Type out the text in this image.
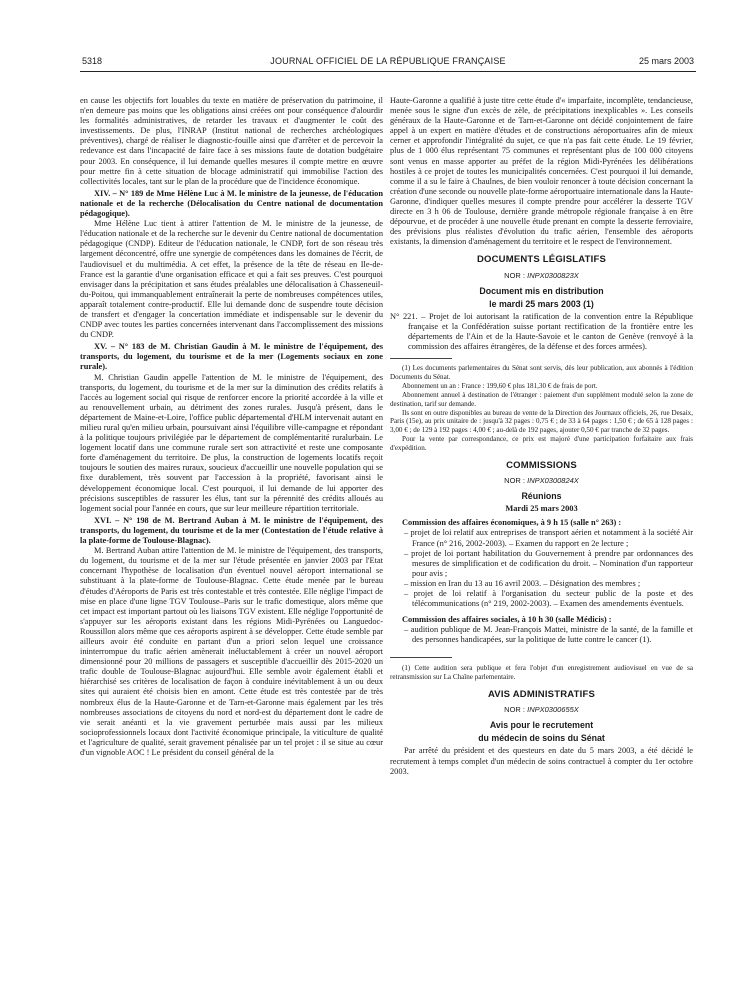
5318	JOURNAL OFFICIEL DE LA RÉPUBLIQUE FRANÇAISE	25 mars 2003

en cause les objectifs fort louables du texte en matière de préservation du patrimoine, il n'en demeure pas moins que les obligations ainsi créées ont pour conséquence d'alourdir les formalités administratives, de retarder les travaux et d'augmenter le coût des investissements. De plus, l'INRAP (Institut national de recherches archéologiques préventives), chargé de réaliser le diagnostic-fouille ainsi que d'arrêter et de percevoir la redevance est dans l'incapacité de faire face à ses missions faute de dotation budgétaire pour 2003. En conséquence, il lui demande quelles mesures il compte mettre en œuvre pour mettre fin à cette situation de blocage administratif qui immobilise l'action des collectivités locales, tant sur le plan de la procédure que de l'incidence économique.

XIV. – N° 189 de Mme Hélène Luc à M. le ministre de la jeunesse, de l'éducation nationale et de la recherche (Délocalisation du Centre national de documentation pédagogique).

Mme Hélène Luc tient à attirer l'attention de M. le ministre de la jeunesse, de l'éducation nationale et de la recherche sur le devenir du Centre national de documentation pédagogique (CNDP). Editeur de l'éducation nationale, le CNDP, fort de son réseau très largement déconcentré, offre une synergie de compétences dans les domaines de l'écrit, de l'audiovisuel et du multimédia. A cet effet, la présence de la tête de réseau en Ile-de-France est la garantie d'une organisation efficace et qui a fait ses preuves. C'est pourquoi envisager dans la précipitation et sans études préalables une délocalisation à Chasseneuil-du-Poitou, qui immanquablement entraînerait la perte de nombreuses compétences utiles, apparaît totalement contre-productif. Elle lui demande donc de suspendre toute décision de transfert et d'engager la concertation immédiate et indispensable sur le devenir du CNDP avec toutes les parties concernées intervenant dans l'accomplissement des missions du CNDP.

XV. – N° 183 de M. Christian Gaudin à M. le ministre de l'équipement, des transports, du logement, du tourisme et de la mer (Logements sociaux en zone rurale).

M. Christian Gaudin appelle l'attention de M. le ministre de l'équipement, des transports, du logement, du tourisme et de la mer sur la diminution des crédits relatifs à l'accès au logement social qui risque de renforcer encore la priorité accordée à la ville et au renouvellement urbain, au détriment des zones rurales. Jusqu'à présent, dans le département de Maine-et-Loire, l'office public départemental d'HLM intervenait autant en milieu rural qu'en milieu urbain, poursuivant ainsi l'équilibre ville-campagne et répondant à la politique toujours privilégiée par le département de complémentarité ruralurbain. Le logement locatif dans une commune rurale sert son attractivité et reste une composante forte d'aménagement du territoire. De plus, la construction de logements locatifs reçoit toujours le soutien des maires ruraux, soucieux d'accueillir une nouvelle population qui se fixe durablement, très souvent par l'accession à la propriété, favorisant ainsi le développement économique local. C'est pourquoi, il lui demande de lui apporter des précisions susceptibles de rassurer les élus, tant sur la pérennité des crédits alloués au logement social pour l'année en cours, que sur leur meilleure répartition territoriale.

XVI. – N° 198 de M. Bertrand Auban à M. le ministre de l'équipement, des transports, du logement, du tourisme et de la mer (Contestation de l'étude relative à la plate-forme de Toulouse-Blagnac).

M. Bertrand Auban attire l'attention de M. le ministre de l'équipement, des transports, du logement, du tourisme et de la mer sur l'étude présentée en janvier 2003 par l'Etat concernant l'hypothèse de localisation d'un éventuel nouvel aéroport international se substituant à la plate-forme de Toulouse-Blagnac. Cette étude menée par le bureau d'études d'Aéroports de Paris est très contestable et très contestée. Elle néglige l'impact de mise en place d'une ligne TGV Toulouse–Paris sur le trafic domestique, alors même que cet impact est important partout où les liaisons TGV existent. Elle néglige l'opportunité de s'appuyer sur les aéroports existant dans les régions Midi-Pyrénées ou Languedoc-Roussillon alors même que ces aéroports aspirent à se développer. Cette étude semble par ailleurs avoir été conduite en partant d'un a priori selon lequel une croissance ininterrompue du trafic aérien amènerait inéluctablement à créer un nouvel aéroport dimensionné pour 20 millions de passagers et susceptible d'accueillir dès 2015-2020 un trafic double de Toulouse-Blagnac aujourd'hui. Elle semble avoir également établi et hiérarchisé ses critères de localisation de façon à conduire inévitablement à un ou deux sites qui auraient été choisis bien en amont. Cette étude est très contestée par de très nombreux élus de la Haute-Garonne et de Tarn-et-Garonne mais également par les très nombreuses associations de citoyens du nord et nord-est du département dont le cadre de vie serait anéanti et la vie gravement perturbée mais aussi par les milieux socioprofessionnels locaux dont l'activité économique principale, la viticulture de qualité et l'agriculture de qualité, serait gravement pénalisée par un tel projet : il se situe au cœur d'un vignoble AOC ! Le président du conseil général de la

Haute-Garonne a qualifié à juste titre cette étude d'« imparfaite, incomplète, tendancieuse, menée sous le signe d'un excès de zèle, de précipitations inexplicables ». Les conseils généraux de la Haute-Garonne et de Tarn-et-Garonne ont décidé conjointement de faire appel à un expert en matière d'études et de constructions aéroportuaires afin de mieux cerner et approfondir l'intégralité du sujet, ce que n'a pas fait cette étude. Le 19 février, plus de 1 000 élus représentant 75 communes et représentant plus de 100 000 citoyens sont venus en masse apporter au préfet de la région Midi-Pyrénées les délibérations hostiles à ce projet de toutes les municipalités concernées. C'est pourquoi il lui demande, comme il a su le faire à Chaulnes, de bien vouloir renoncer à toute décision concernant la création d'une seconde ou nouvelle plate-forme aéroportuaire internationale dans la Haute-Garonne, d'indiquer quelles mesures il compte prendre pour accélérer la desserte TGV directe en 3 h 06 de Toulouse, dernière grande métropole régionale française à en être dépourvue, et de procéder à une nouvelle étude prenant en compte la desserte ferroviaire, des prévisions plus réalistes d'évolution du trafic aérien, l'ensemble des aéroports existants, la dimension d'aménagement du territoire et le respect de l'environnement.

DOCUMENTS LÉGISLATIFS
NOR : INPX0300823X
Document mis en distribution
le mardi 25 mars 2003 (1)

N° 221. – Projet de loi autorisant la ratification de la convention entre la République française et la Confédération suisse portant rectification de la frontière entre les départements de l'Ain et de la Haute-Savoie et le canton de Genève (renvoyé à la commission des affaires étrangères, de la défense et des forces armées).

(1) Les documents parlementaires du Sénat sont servis, dès leur publication, aux abonnés à l'édition Documents du Sénat.

Abonnement un an : France : 199,60 € plus 181,30 € de frais de port.

Abonnement annuel à destination de l'étranger : paiement d'un supplément modulé selon la zone de destination, tarif sur demande.

Ils sont en outre disponibles au bureau de vente de la Direction des Journaux officiels, 26, rue Desaix, Paris (15e), au prix unitaire de : jusqu'à 32 pages : 0,75 € ; de 33 à 64 pages : 1,50 € ; de 65 à 128 pages : 3,00 € ; de 129 à 192 pages : 4,00 € ; au-delà de 192 pages, ajouter 0,50 € par tranche de 32 pages.

Pour la vente par correspondance, ce prix est majoré d'une participation forfaitaire aux frais d'expédition.

COMMISSIONS
NOR : INPX0300824X
Réunions
Mardi 25 mars 2003

Commission des affaires économiques, à 9 h 15 (salle n° 263) :

– projet de loi relatif aux entreprises de transport aérien et notamment à la société Air France (n° 216, 2002-2003). – Examen du rapport en 2e lecture ;

– projet de loi portant habilitation du Gouvernement à prendre par ordonnances des mesures de simplification et de codification du droit. – Nomination d'un rapporteur pour avis ;

– mission en Iran du 13 au 16 avril 2003. – Désignation des membres ;

– projet de loi relatif à l'organisation du secteur public de la poste et des télécommunications (n° 219, 2002-2003). – Examen des amendements éventuels.

Commission des affaires sociales, à 10 h 30 (salle Médicis) :

– audition publique de M. Jean-François Mattei, ministre de la santé, de la famille et des personnes handicapées, sur la politique de lutte contre le cancer (1).

(1) Cette audition sera publique et fera l'objet d'un enregistrement audiovisuel en vue de sa retransmission sur La Chaîne parlementaire.

AVIS ADMINISTRATIFS
NOR : INPX0300655X
Avis pour le recrutement
du médecin de soins du Sénat

Par arrêté du président et des questeurs en date du 5 mars 2003, a été décidé le recrutement à temps complet d'un médecin de soins contractuel à compter du 1er octobre 2003.
